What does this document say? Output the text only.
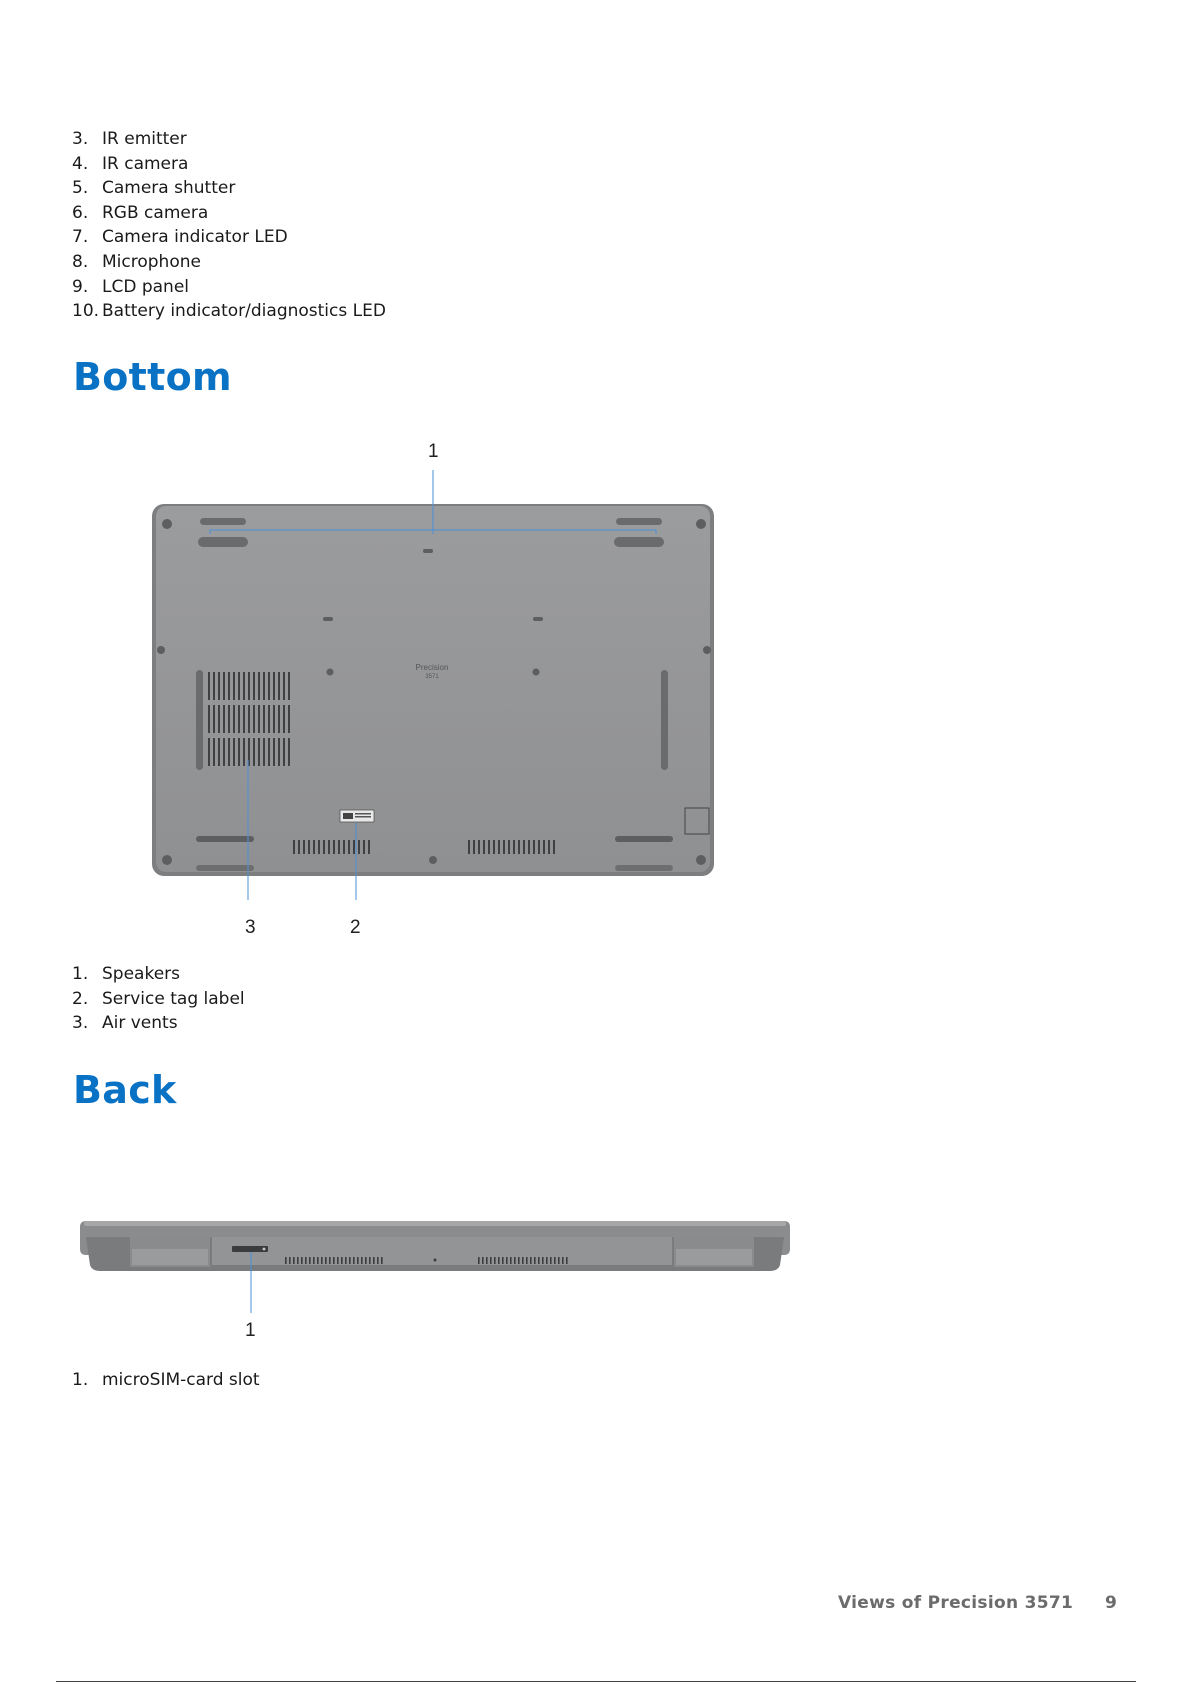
3. IR emitter
4. IR camera
5. Camera shutter
6. RGB camera
7. Camera indicator LED
8. Microphone
9. LCD panel
10. Battery indicator/diagnostics LED
Bottom
Precision
3571
1
3	2
1. Speakers
2. Service tag label
3. Air vents
Back
1
1. microSIM-card slot
Views of Precision 3571 9
